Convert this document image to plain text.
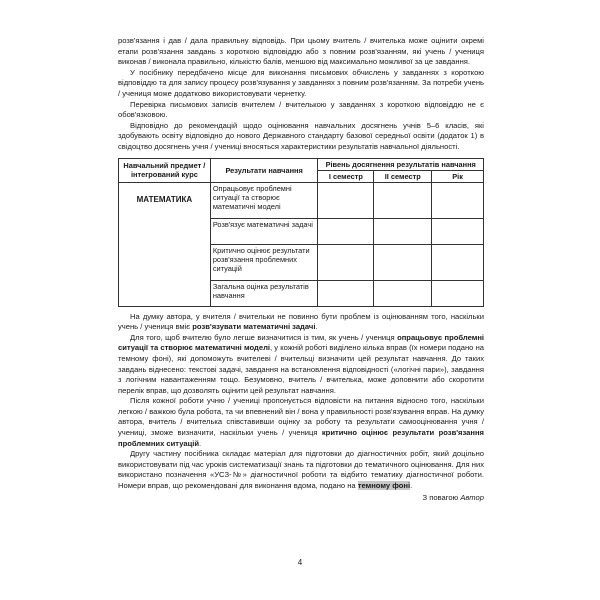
розв'язання і дав / дала правильну відповідь. При цьому вчитель / вчителька може оцінити окремі етапи розв'язання завдань з короткою відповіддю або з повним розв'язанням, які учень / учениця виконав / виконала правильно, кількістю балів, меншою від максимально можливої за це завдання.

У посібнику передбачено місце для виконання письмових обчислень у завданнях з короткою відповіддю та для запису процесу розв'язування у завданнях з повним розв'язанням. За потреби учень / учениця може додатково використовувати чернетку.

Перевірка письмових записів вчителем / вчителькою у завданнях з короткою відповіддю не є обов'язковою.

Відповідно до рекомендацій щодо оцінювання навчальних досягнень учнів 5–6 класів, які здобувають освіту відповідно до нового Державного стандарту базової середньої освіти (додаток 1) в свідоцтво досягнень учня / учениці вносяться характеристики результатів навчальної діяльності.

Навчальний предмет / інтегрований курс	Результати навчання	Рівень досягнення результатів навчання		
		І семестр	ІІ семестр	Рік
МАТЕМАТИКА	Опрацьовує проблемні ситуації та створює математичні моделі			
	Розв'язує математичні задачі			
	Критично оцінює результати розв'язання проблемних ситуацій			
	Загальна оцінка результатів навчання			

На думку автора, у вчителя / вчительки не повинно бути проблем із оцінюванням того, наскільки учень / учениця вміє розв'язувати математичні задачі.

Для того, щоб вчителю було легше визначитися із тим, як учень / учениця опрацьовує проблемні ситуації та створює математичні моделі, у кожній роботі виділено кілька вправ (їх номери подано на темному фоні), які допоможуть вчителеві / вчительці визначити цей результат навчання. До таких завдань віднесено: текстові задачі, завдання на встановлення відповідності («логічні пари»), завдання з логічним навантаженням тощо. Безумовно, вчитель / вчителька, може доповнити або скоротити перелік вправ, що дозволять оцінити цей результат навчання.

Після кожної роботи учню / учениці пропонується відповісти на питання відносно того, наскільки легкою / важкою була робота, та чи впевнений він / вона у правильності розв'язування вправ. На думку автора, вчитель / вчителька співставивши оцінку за роботу та результати самооцінювання учня / учениці, зможе визначити, наскільки учень / учениця критично оцінює результати розв'язання проблемних ситуацій.

Другу частину посібника складає матеріал для підготовки до діагностичних робіт, який доцільно використовувати під час уроків систематизації знань та підготовки до тематичного оцінювання. Для них використано позначення «УСЗ-№» діагностичної роботи та відбито тематику діагностичної роботи. Номери вправ, що рекомендовані для виконання вдома, подано на темному фоні.

З повагою Автор
4
